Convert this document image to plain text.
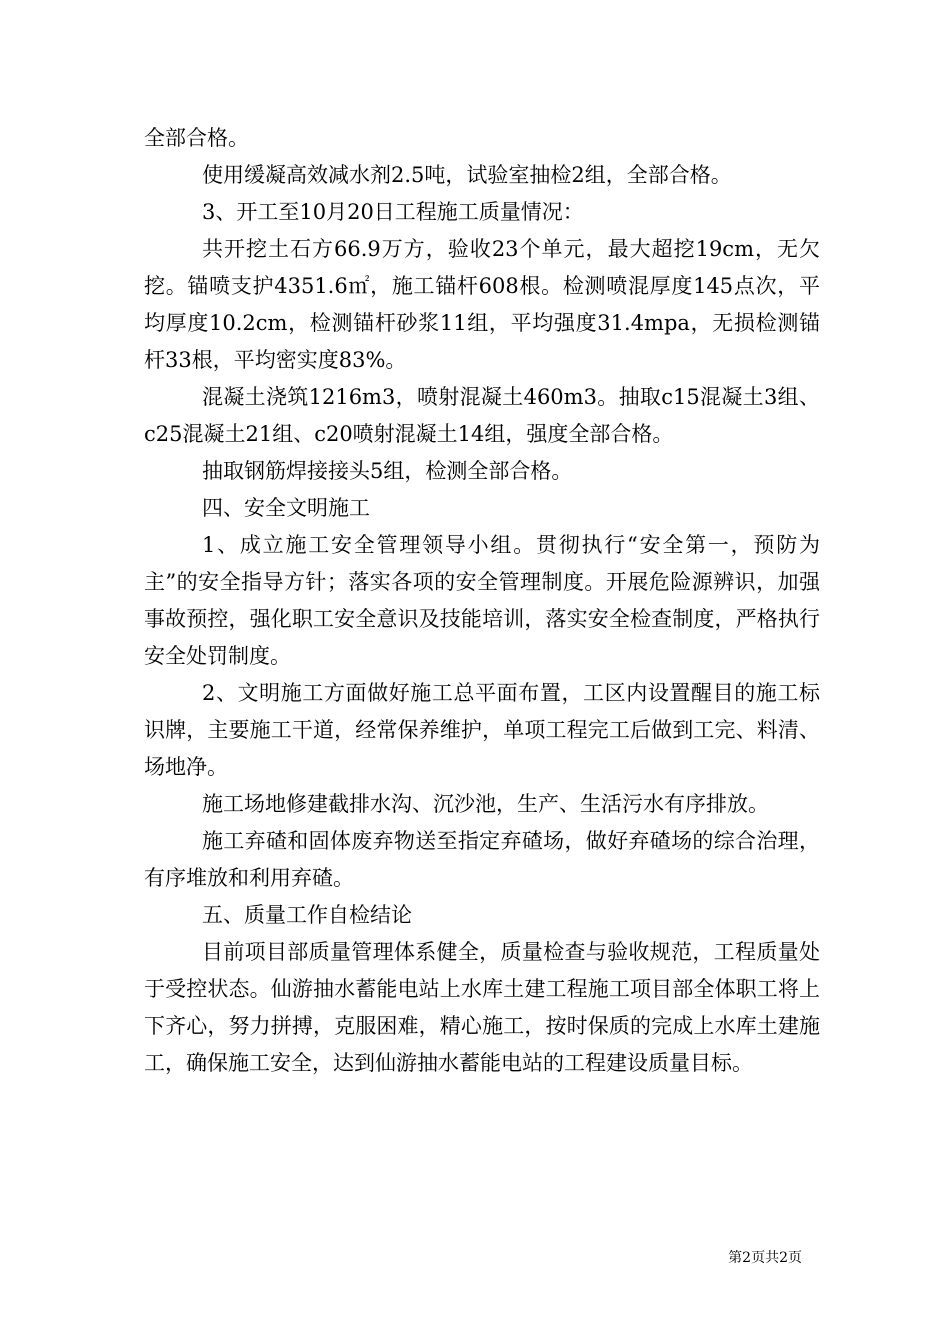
全部合格。

使用缓凝高效减水剂2.5吨，试验室抽检2组，全部合格。

3、开工至10月20日工程施工质量情况：

共开挖土石方66.9万方，验收23个单元，最大超挖19cm，无欠挖。锚喷支护4351.6㎡，施工锚杆608根。检测喷混厚度145点次，平均厚度10.2cm，检测锚杆砂浆11组，平均强度31.4mpa，无损检测锚杆33根，平均密实度83%。

混凝土浇筑1216m3，喷射混凝土460m3。抽取c15混凝土3组、c25混凝土21组、c20喷射混凝土14组，强度全部合格。

抽取钢筋焊接接头5组，检测全部合格。

四、安全文明施工

1、成立施工安全管理领导小组。贯彻执行“安全第一，预防为主”的安全指导方针；落实各项的安全管理制度。开展危险源辨识，加强事故预控，强化职工安全意识及技能培训，落实安全检查制度，严格执行安全处罚制度。

2、文明施工方面做好施工总平面布置，工区内设置醒目的施工标识牌，主要施工干道，经常保养维护，单项工程完工后做到工完、料清、场地净。

施工场地修建截排水沟、沉沙池，生产、生活污水有序排放。

施工弃碴和固体废弃物送至指定弃碴场，做好弃碴场的综合治理，有序堆放和利用弃碴。

五、质量工作自检结论

目前项目部质量管理体系健全，质量检查与验收规范，工程质量处于受控状态。仙游抽水蓄能电站上水库土建工程施工项目部全体职工将上下齐心，努力拼搏，克服困难，精心施工，按时保质的完成上水库土建施工，确保施工安全，达到仙游抽水蓄能电站的工程建设质量目标。

第2页共2页
